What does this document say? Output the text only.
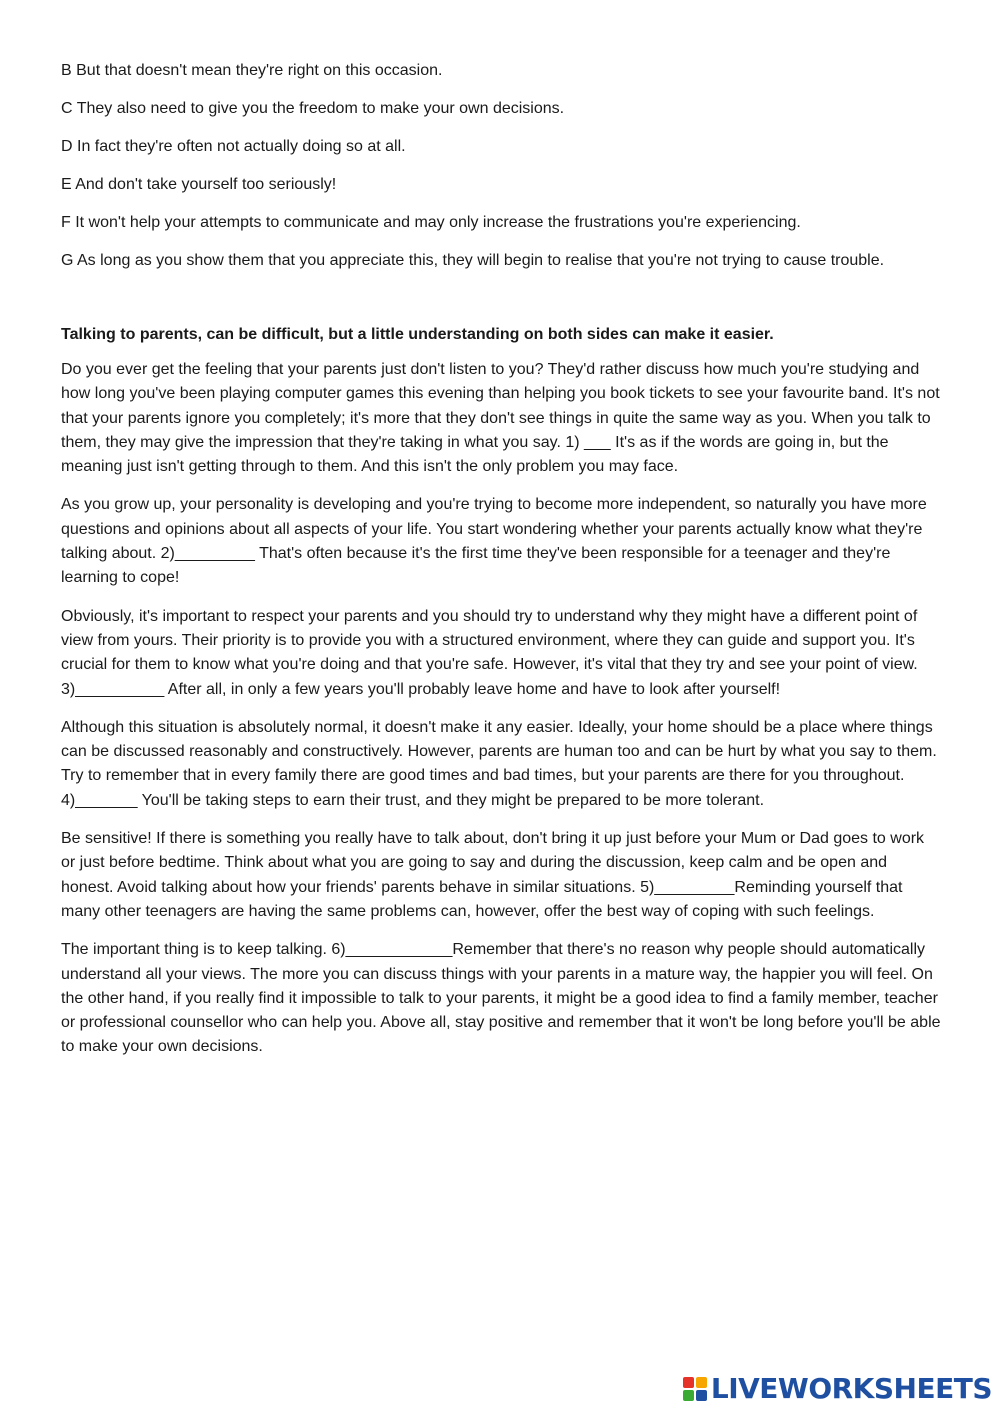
B But that doesn't mean they're right on this occasion.

C They also need to give you the freedom to make your own decisions.

D In fact they're often not actually doing so at all.

E And don't take yourself too seriously!

F It won't help your attempts to communicate and may only increase the frustrations you're experiencing.

G As long as you show them that you appreciate this, they will begin to realise that you're not trying to cause trouble.

Talking to parents, can be difficult, but a little understanding on both sides can make it easier.

Do you ever get the feeling that your parents just don't listen to you? They'd rather discuss how much you're studying and how long you've been playing computer games this evening than helping you book tickets to see your favourite band. It's not that your parents ignore you completely; it's more that they don't see things in quite the same way as you. When you talk to them, they may give the impression that they're taking in what you say. 1) ___ It's as if the words are going in, but the meaning just isn't getting through to them. And this isn't the only problem you may face.

As you grow up, your personality is developing and you're trying to become more independent, so naturally you have more questions and opinions about all aspects of your life. You start wondering whether your parents actually know what they're talking about. 2)_________ That's often because it's the first time they've been responsible for a teenager and they're learning to cope!

Obviously, it's important to respect your parents and you should try to understand why they might have a different point of view from yours. Their priority is to provide you with a structured environment, where they can guide and support you. It's crucial for them to know what you're doing and that you're safe. However, it's vital that they try and see your point of view. 3)__________ After all, in only a few years you'll probably leave home and have to look after yourself!

Although this situation is absolutely normal, it doesn't make it any easier. Ideally, your home should be a place where things can be discussed reasonably and constructively. However, parents are human too and can be hurt by what you say to them. Try to remember that in every family there are good times and bad times, but your parents are there for you throughout. 4)_______ You'll be taking steps to earn their trust, and they might be prepared to be more tolerant.

Be sensitive! If there is something you really have to talk about, don't bring it up just before your Mum or Dad goes to work or just before bedtime. Think about what you are going to say and during the discussion, keep calm and be open and honest. Avoid talking about how your friends' parents behave in similar situations. 5)_________Reminding yourself that many other teenagers are having the same problems can, however, offer the best way of coping with such feelings.

The important thing is to keep talking. 6)____________Remember that there's no reason why people should automatically understand all your views. The more you can discuss things with your parents in a mature way, the happier you will feel. On the other hand, if you really find it impossible to talk to your parents, it might be a good idea to find a family member, teacher or professional counsellor who can help you. Above all, stay positive and remember that it won't be long before you'll be able to make your own decisions.

LIVEWORKSHEETS
